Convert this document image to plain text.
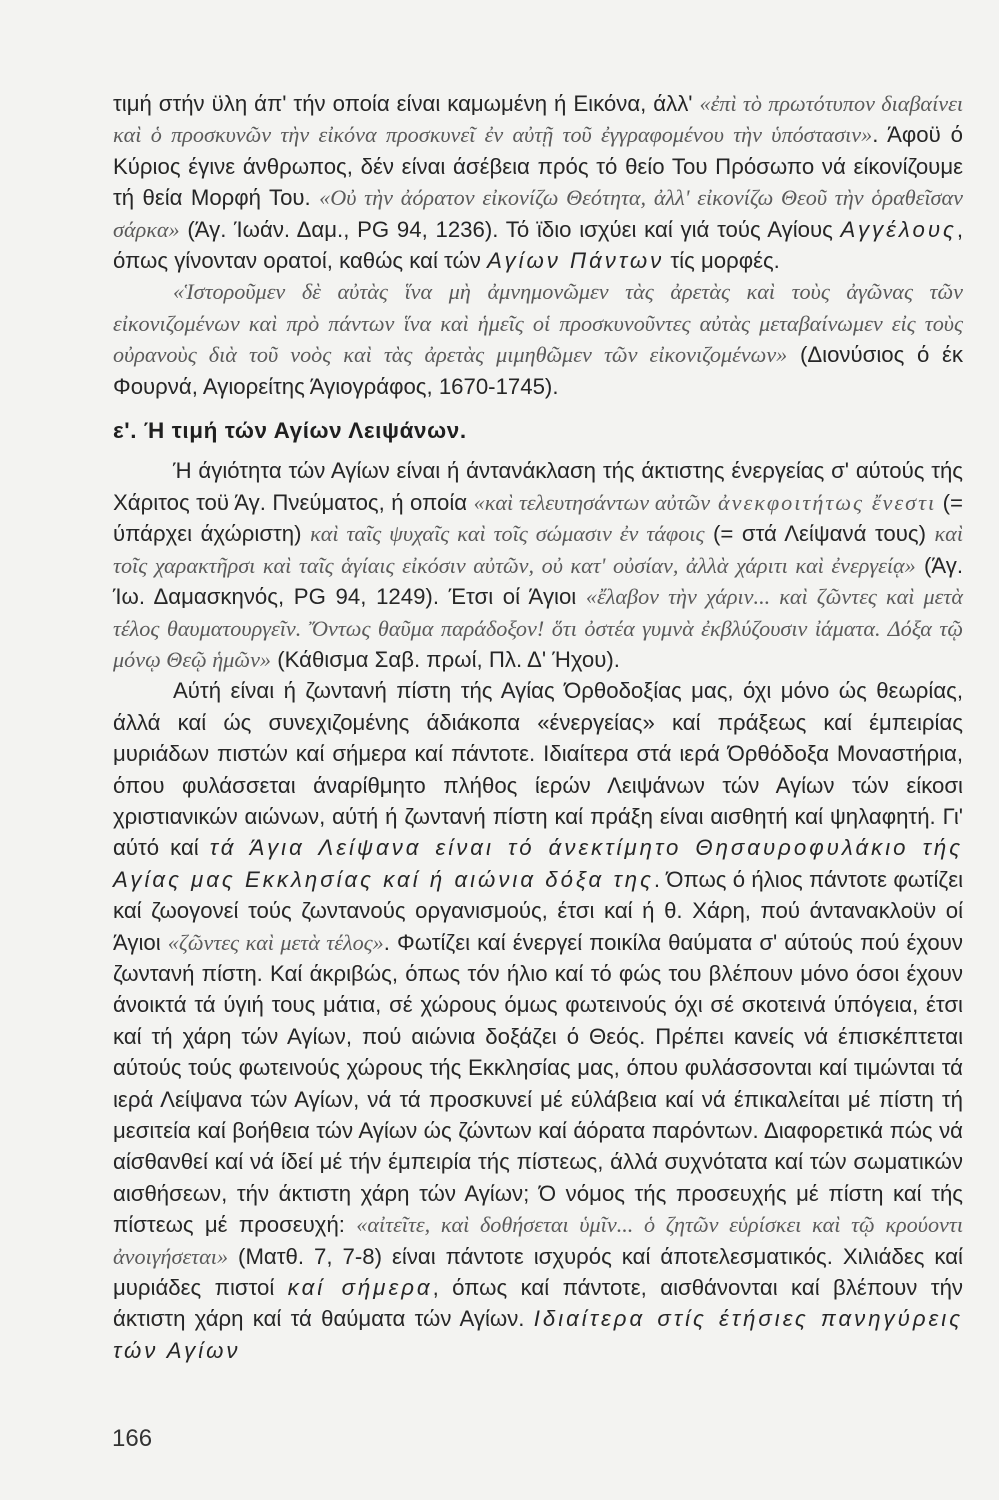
τιμή στήν ϋλη άπ' τήν οποία είναι καμωμένη ή Εικόνα, άλλ' «ἐπὶ τὸ πρωτότυπον διαβαίνει καὶ ὁ προσκυνῶν τὴν εἰκόνα προσκυνεῖ ἐν αὐτῇ τοῦ ἐγγραφομένου τὴν ὑπόστασιν». Άφοϋ ό Κύριος έγινε άνθρωπος, δέν είναι άσέβεια πρός τό θείο Του Πρόσωπο νά είκονίζουμε τή θεία Μορφή Του. «Οὐ τὴν ἀόρατον εἰκονίζω Θεότητα, ἀλλ' εἰκονίζω Θεοῦ τὴν ὁραθεῖσαν σάρκα» (Άγ. Ίωάν. Δαμ., PG 94, 1236). Τό ϊδιο ισχύει καί γιά τούς Αγίους Αγγέλους, όπως γίνονταν ορατοί, καθώς καί τών Αγίων Πάντων τίς μορφές.

«Ἱστοροῦμεν δὲ αὐτὰς ἵνα μὴ ἀμνημονῶμεν τὰς ἀρετὰς καὶ τοὺς ἀγῶνας τῶν εἰκονιζομένων καὶ πρὸ πάντων ἵνα καὶ ἡμεῖς οἱ προσκυνοῦντες αὐτὰς μεταβαίνωμεν εἰς τοὺς οὐρανοὺς διὰ τοῦ νοὸς καὶ τὰς ἀρετὰς μιμηθῶμεν τῶν εἰκονιζομένων» (Διονύσιος ό έκ Φουρνά, Αγιορείτης Άγιογράφος, 1670-1745).

ε'. Ή τιμή τών Αγίων Λειψάνων.

Ή άγιότητα τών Αγίων είναι ή άντανάκλαση τής άκτιστης ένεργείας σ' αύτούς τής Χάριτος τοϋ Άγ. Πνεύματος, ή οποία «καὶ τελευτησάντων αὐτῶν ἀνεκφοιτήτως ἔνεστι (= ύπάρχει άχώριστη) καὶ ταῖς ψυχαῖς καὶ τοῖς σώμασιν ἐν τάφοις (= στά Λείψανά τους) καὶ τοῖς χαρακτῆρσι καὶ ταῖς ἁγίαις εἰκόσιν αὐτῶν, οὐ κατ' οὐσίαν, ἀλλὰ χάριτι καὶ ἐνεργείᾳ» (Άγ. Ίω. Δαμασκηνός, PG 94, 1249). Έτσι οί Άγιοι «ἔλαβον τὴν χάριν... καὶ ζῶντες καὶ μετὰ τέλος θαυματουργεῖν. Ὄντως θαῦμα παράδοξον! ὅτι ὀστέα γυμνὰ ἐκβλύζουσιν ἰάματα. Δόξα τῷ μόνῳ Θεῷ ἡμῶν» (Κάθισμα Σαβ. πρωί, Πλ. Δ' Ήχου).

Αύτή είναι ή ζωντανή πίστη τής Αγίας Όρθοδοξίας μας, όχι μόνο ώς θεωρίας, άλλά καί ώς συνεχιζομένης άδιάκοπα «ένεργείας» καί πράξεως καί έμπειρίας μυριάδων πιστών καί σήμερα καί πάντοτε. Ιδιαίτερα στά ιερά Όρθόδοξα Μοναστήρια, όπου φυλάσσεται άναρίθμητο πλήθος ίερών Λειψάνων τών Αγίων τών είκοσι χριστιανικών αιώνων, αύτή ή ζωντανή πίστη καί πράξη είναι αισθητή καί ψηλαφητή. Γι' αύτό καί τά Άγια Λείψανα είναι τό άνεκτίμητο Θησαυροφυλάκιο τής Αγίας μας Εκκλησίας καί ή αιώνια δόξα της. Όπως ό ήλιος πάντοτε φωτίζει καί ζωογονεί τούς ζωντανούς οργανισμούς, έτσι καί ή θ. Χάρη, πού άντανακλοϋν οί Άγιοι «ζῶντες καὶ μετὰ τέλος». Φωτίζει καί ένεργεί ποικίλα θαύματα σ' αύτούς πού έχουν ζωντανή πίστη. Καί άκριβώς, όπως τόν ήλιο καί τό φώς του βλέπουν μόνο όσοι έχουν άνοικτά τά ύγιή τους μάτια, σέ χώρους όμως φωτεινούς όχι σέ σκοτεινά ύπόγεια, έτσι καί τή χάρη τών Αγίων, πού αιώνια δοξάζει ό Θεός. Πρέπει κανείς νά έπισκέπτεται αύτούς τούς φωτεινούς χώρους τής Εκκλησίας μας, όπου φυλάσσονται καί τιμώνται τά ιερά Λείψανα τών Αγίων, νά τά προσκυνεί μέ εύλάβεια καί νά έπικαλείται μέ πίστη τή μεσιτεία καί βοήθεια τών Αγίων ώς ζώντων καί άόρατα παρόντων. Διαφορετικά πώς νά αίσθανθεί καί νά ίδεί μέ τήν έμπειρία τής πίστεως, άλλά συχνότατα καί τών σωματικών αισθήσεων, τήν άκτιστη χάρη τών Αγίων; Ό νόμος τής προσευχής μέ πίστη καί τής πίστεως μέ προσευχή: «αἰτεῖτε, καὶ δοθήσεται ὑμῖν... ὁ ζητῶν εὑρίσκει καὶ τῷ κρούοντι ἀνοιγήσεται» (Ματθ. 7, 7-8) είναι πάντοτε ισχυρός καί άποτελεσματικός. Χιλιάδες καί μυριάδες πιστοί καί σήμερα, όπως καί πάντοτε, αισθάνονται καί βλέπουν τήν άκτιστη χάρη καί τά θαύματα τών Αγίων. Ιδιαίτερα στίς έτήσιες πανηγύρεις τών Αγίων

166
